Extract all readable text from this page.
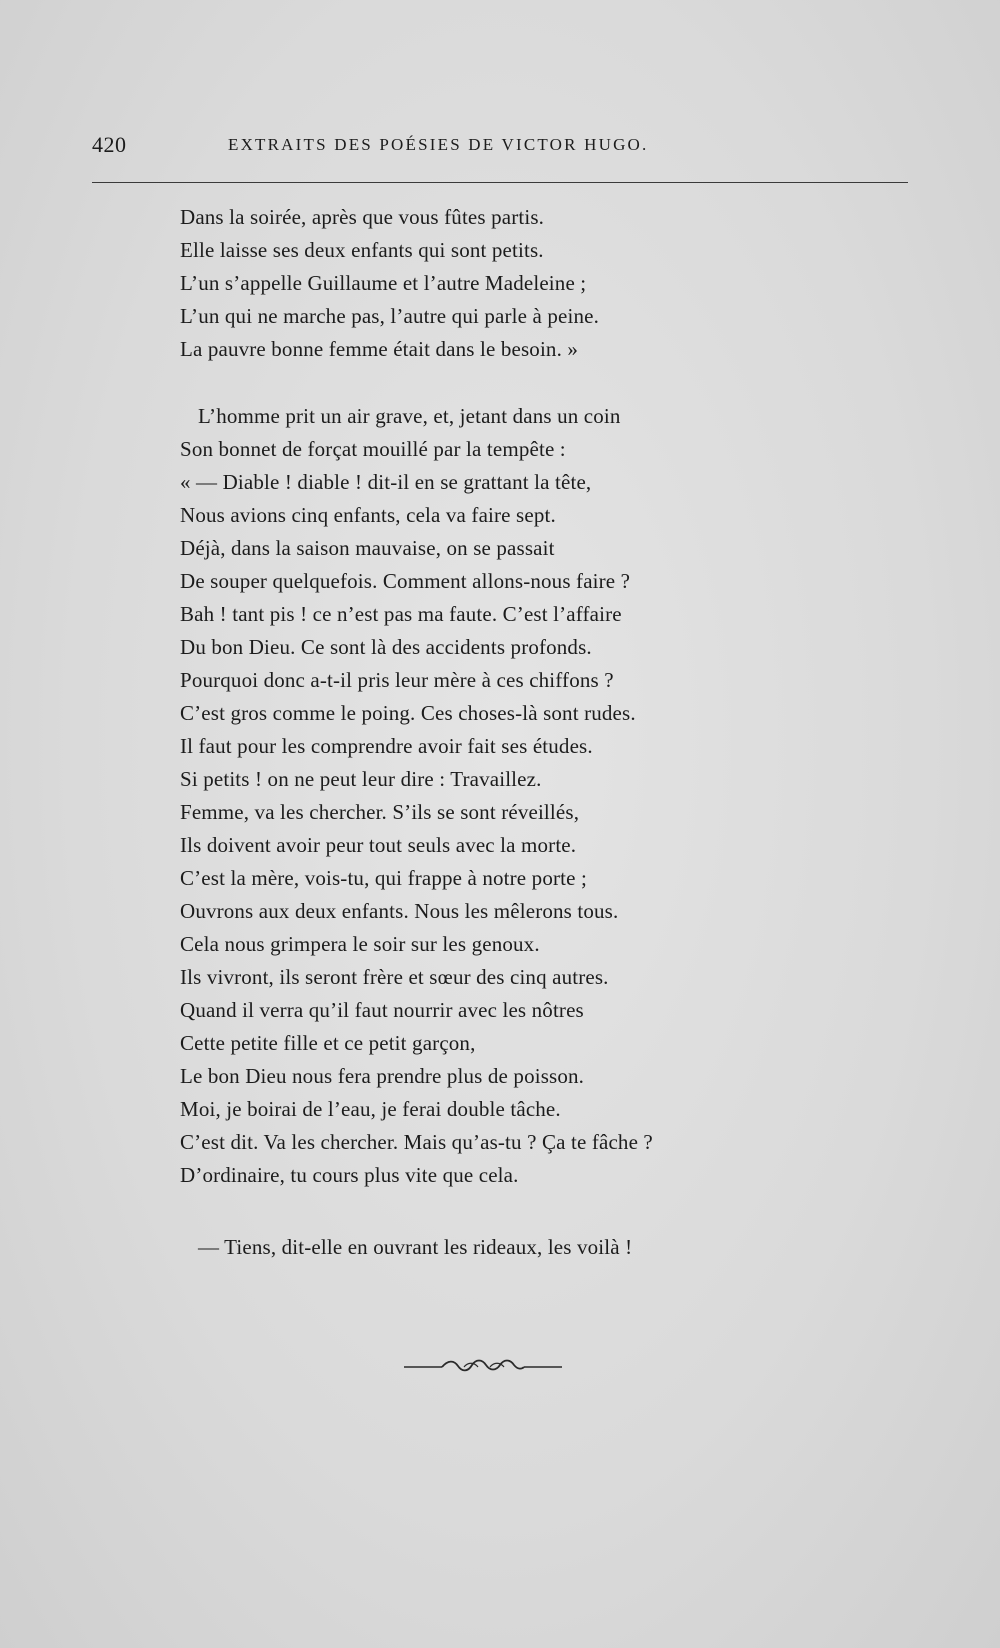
420	EXTRAITS DES POÉSIES DE VICTOR HUGO.
Dans la soirée, après que vous fûtes partis.
Elle laisse ses deux enfants qui sont petits.
L’un s’appelle Guillaume et l’autre Madeleine ;
L’un qui ne marche pas, l’autre qui parle à peine.
La pauvre bonne femme était dans le besoin. »
L’homme prit un air grave, et, jetant dans un coin
Son bonnet de forçat mouillé par la tempête :
« — Diable ! diable ! dit-il en se grattant la tête,
Nous avions cinq enfants, cela va faire sept.
Déjà, dans la saison mauvaise, on se passait
De souper quelquefois. Comment allons-nous faire ?
Bah ! tant pis ! ce n’est pas ma faute. C’est l’affaire
Du bon Dieu. Ce sont là des accidents profonds.
Pourquoi donc a-t-il pris leur mère à ces chiffons ?
C’est gros comme le poing. Ces choses-là sont rudes.
Il faut pour les comprendre avoir fait ses études.
Si petits ! on ne peut leur dire : Travaillez.
Femme, va les chercher. S’ils se sont réveillés,
Ils doivent avoir peur tout seuls avec la morte.
C’est la mère, vois-tu, qui frappe à notre porte ;
Ouvrons aux deux enfants. Nous les mêlerons tous.
Cela nous grimpera le soir sur les genoux.
Ils vivront, ils seront frère et sœur des cinq autres.
Quand il verra qu’il faut nourrir avec les nôtres
Cette petite fille et ce petit garçon,
Le bon Dieu nous fera prendre plus de poisson.
Moi, je boirai de l’eau, je ferai double tâche.
C’est dit. Va les chercher. Mais qu’as-tu ? Ça te fâche ?
D’ordinaire, tu cours plus vite que cela.
— Tiens, dit-elle en ouvrant les rideaux, les voilà !
